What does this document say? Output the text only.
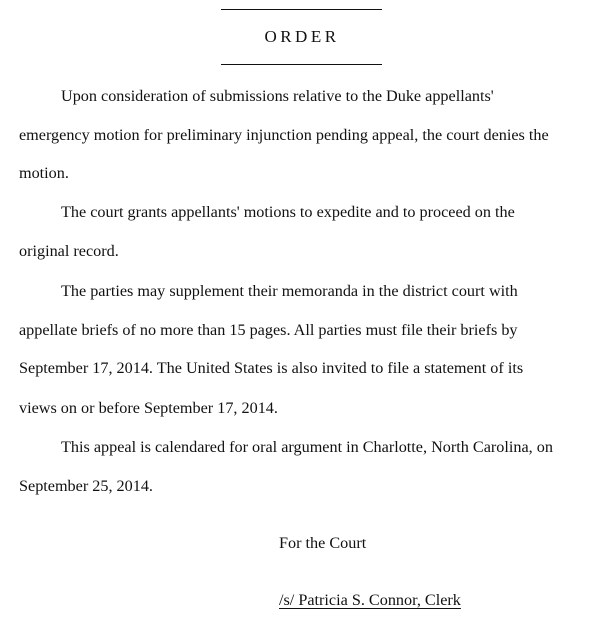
ORDER
Upon consideration of submissions relative to the Duke appellants'
emergency motion for preliminary injunction pending appeal, the court denies the
motion.
The court grants appellants' motions to expedite and to proceed on the
original record.
The parties may supplement their memoranda in the district court with
appellate briefs of no more than 15 pages. All parties must file their briefs by
September 17, 2014. The United States is also invited to file a statement of its
views on or before September 17, 2014.
This appeal is calendared for oral argument in Charlotte, North Carolina, on
September 25, 2014.
For the Court
/s/ Patricia S. Connor, Clerk
